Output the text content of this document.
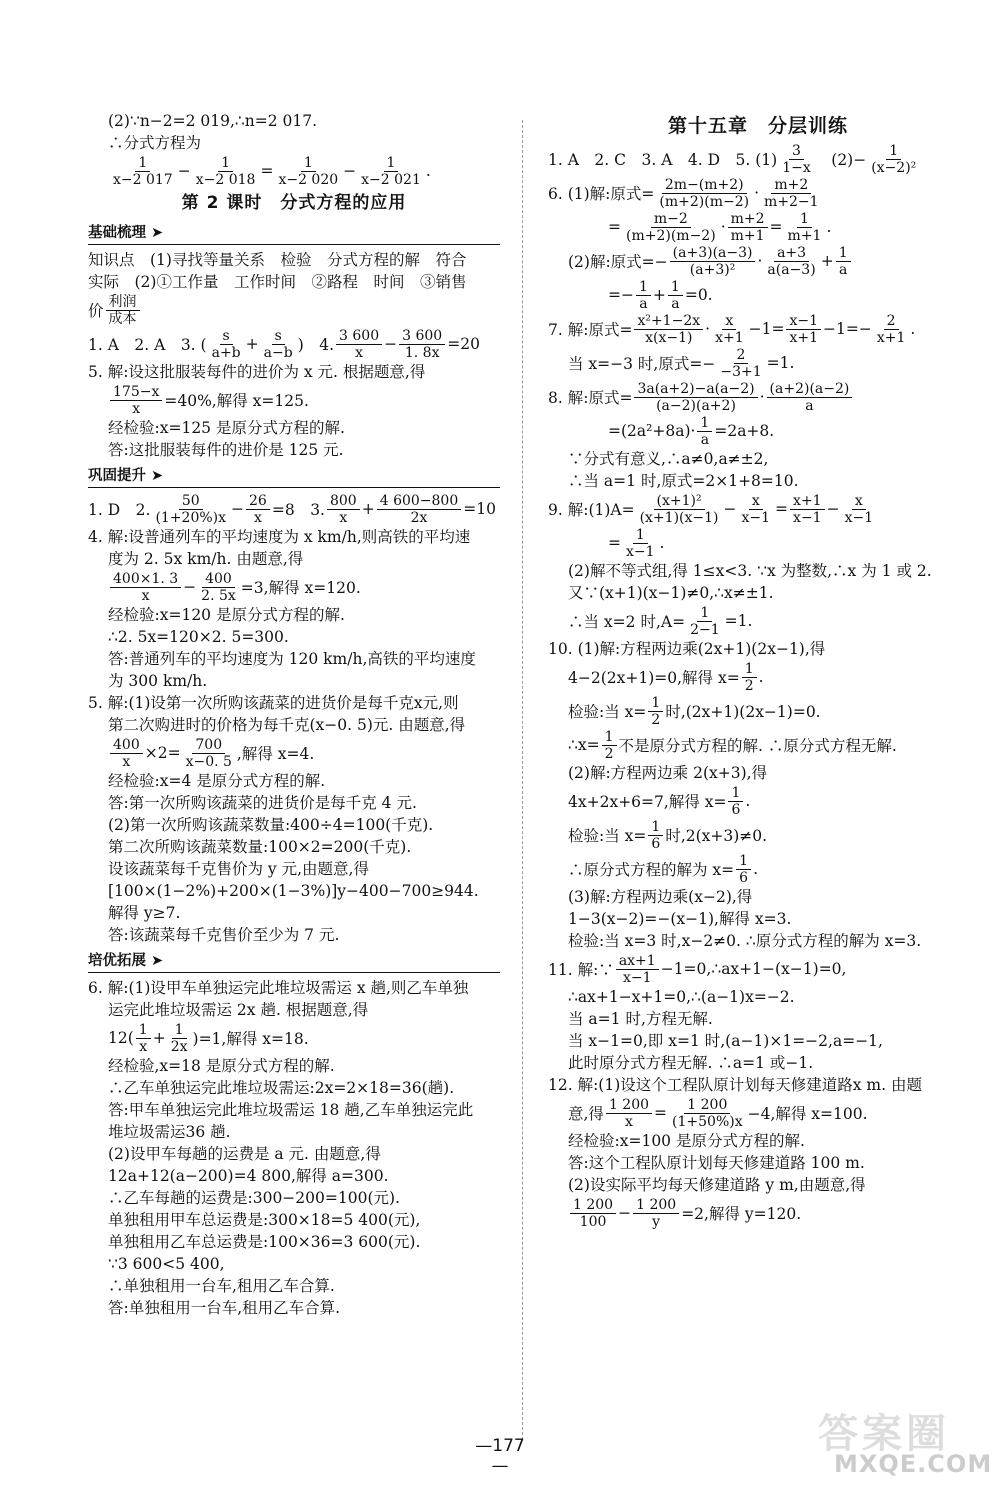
(2)∵n−2=2 019,∴n=2 017.
∴分式方程为
$\frac{1}{x-2 017} - \frac{1}{x-2 018} = \frac{1}{x-2 020} - \frac{1}{x-2 021}$ .
第 2 课时　分式方程的应用
基础梳理 ➤
知识点　(1)寻找等量关系　检验　分式方程的解　符合
实际　(2)①工作量　工作时间　②路程　时间　③销售
价 $\frac{\text{利润}}{\text{成本}}$
1. A　2. A　3. ( $\frac{s}{a+b} + \frac{s}{a-b}$ )　4. $\frac{3 600}{x} - \frac{3 600}{1. 8x} =20$
5. 解:设这批服装每件的进价为 x 元. 根据题意,得
$\frac{175-x}{x} =40\%$,解得 x=125.
经检验:x=125 是原分式方程的解.
答:这批服装每件的进价是 125 元.
巩固提升 ➤
1. D　2. $\frac{50}{(1+20\%)x} - \frac{26}{x} =8$　3. $\frac{800}{x} + \frac{4 600-800}{2x} =10$
4. 解:设普通列车的平均速度为 x km/h,则高铁的平均速
度为 2. 5x km/h. 由题意,得
$\frac{400\times 1. 3}{x} - \frac{400}{2. 5x} =3$,解得 x=120.
经检验:x=120 是原分式方程的解.
∴2. 5x=120×2. 5=300.
答:普通列车的平均速度为 120 km/h,高铁的平均速度
为 300 km/h.
5. 解:(1)设第一次所购该蔬菜的进货价是每千克x元,则
第二次购进时的价格为每千克(x−0. 5)元. 由题意,得
$\frac{400}{x} \times 2= \frac{700}{x-0. 5}$ ,解得 x=4.
经检验:x=4 是原分式方程的解.
答:第一次所购该蔬菜的进货价是每千克 4 元.
(2)第一次所购该蔬菜数量:400÷4=100(千克).
第二次所购该蔬菜数量:100×2=200(千克).
设该蔬菜每千克售价为 y 元,由题意,得
[100×(1−2%)+200×(1−3%)]y−400−700≥944.
解得 y≥7.
答:该蔬菜每千克售价至少为 7 元.
培优拓展 ➤
6. 解:(1)设甲车单独运完此堆垃圾需运 x 趟,则乙车单独
运完此堆垃圾需运 2x 趟. 根据题意,得
$12( \frac{1}{x} + \frac{1}{2x} )=1$,解得 x=18.
经检验,x=18 是原分式方程的解.
∴乙车单独运完此堆垃圾需运:2x=2×18=36(趟).
答:甲车单独运完此堆垃圾需运 18 趟,乙车单独运完此
堆垃圾需运36 趟.
(2)设甲车每趟的运费是 a 元. 由题意,得
12a+12(a−200)=4 800,解得 a=300.
∴乙车每趟的运费是:300−200=100(元).
单独租用甲车总运费是:300×18=5 400(元),
单独租用乙车总运费是:100×36=3 600(元).
∵3 600<5 400,
∴单独租用一台车,租用乙车合算.
答:单独租用一台车,租用乙车合算.
第十五章　分层训练
1. A　2. C　3. A　4. D　5. $(1) \frac{3}{1-x}$ 　$(2)- \frac{1}{\text{(x−2)²}}$
6. (1)解:原式= $\frac{2m-(m+2)}{(m+2)(m-2)} \cdot \frac{m+2}{m+2-1}$
= $\frac{m-2}{(m+2)(m-2)} \cdot \frac{m+2}{m+1} = \frac{1}{m+1}$ .
(2)解:原式=− $\frac{(a+3)(a-3)}{\text{(a+3)²}} \cdot \frac{a+3}{a(a-3)} + \frac{1}{a}$
=− $\frac{1}{a} + \frac{1}{a} =0$.
7. 解:原式= $\frac{\text{x²+1−2x}}{x(x-1)} \cdot \frac{x}{x+1} -1= \frac{x-1}{x+1} -1=- \frac{2}{x+1}$ .
当 x=−3 时,原式=− $\frac{2}{-3+1} =1$.
8. 解:原式= $\frac{3a(a+2)-a(a-2)}{(a-2)(a+2)} \cdot \frac{(a+2)(a-2)}{a}$
$=(2a^2+8a)\cdot \frac{1}{a} =2a+8$.
∵分式有意义,∴a≠0,a≠±2,
∴当 a=1 时,原式=2×1+8=10.
9. 解:(1)A= $\frac{\text{(x+1)²}}{(x+1)(x-1)} - \frac{x}{x-1} = \frac{x+1}{x-1} - \frac{x}{x-1}$
= $\frac{1}{x-1}$ .
(2)解不等式组,得 1≤x<3. ∵x 为整数,∴x 为 1 或 2.
又∵(x+1)(x−1)≠0,∴x≠±1.
∴当 x=2 时$,A= \frac{1}{2-1} =1$.
10. (1)解:方程两边乘(2x+1)(2x−1),得
4−2(2x+1)=0,解得 $x= \frac{1}{2}$ .
检验:当 $x= \frac{1}{2}$ 时,(2x+1)(2x−1)=0.
∴x= $\frac{1}{2}$ 不是原分式方程的解. ∴原分式方程无解.
(2)解:方程两边乘 2(x+3),得
4x+2x+6=7,解得 $x= \frac{1}{6}$ .
检验:当 $x= \frac{1}{6}$ 时,2(x+3)≠0.
∴原分式方程的解为 $x= \frac{1}{6}$ .
(3)解:方程两边乘(x−2),得
1−3(x−2)=−(x−1),解得 x=3.
检验:当 x=3 时,x−2≠0. ∴原分式方程的解为 x=3.
11. 解:∵ $\frac{ax+1}{x-1}$ −1=0,∴ax+1−(x−1)=0,
∴ax+1−x+1=0,∴(a−1)x=−2.
当 a=1 时,方程无解.
当 x−1=0,即 x=1 时,(a−1)×1=−2,a=−1,
此时原分式方程无解. ∴a=1 或−1.
12. 解:(1)设这个工程队原计划每天修建道路x m. 由题
意,得 $\frac{1 200}{x} = \frac{1 200}{(1+50\%)x} -4$,解得 x=100.
经检验:x=100 是原分式方程的解.
答:这个工程队原计划每天修建道路 100 m.
(2)设实际平均每天修建道路 y m,由题意,得
$\frac{1 200}{100} - \frac{1 200}{y} =2$,解得 y=120.
—177—
答案圈
MXQE.COM
